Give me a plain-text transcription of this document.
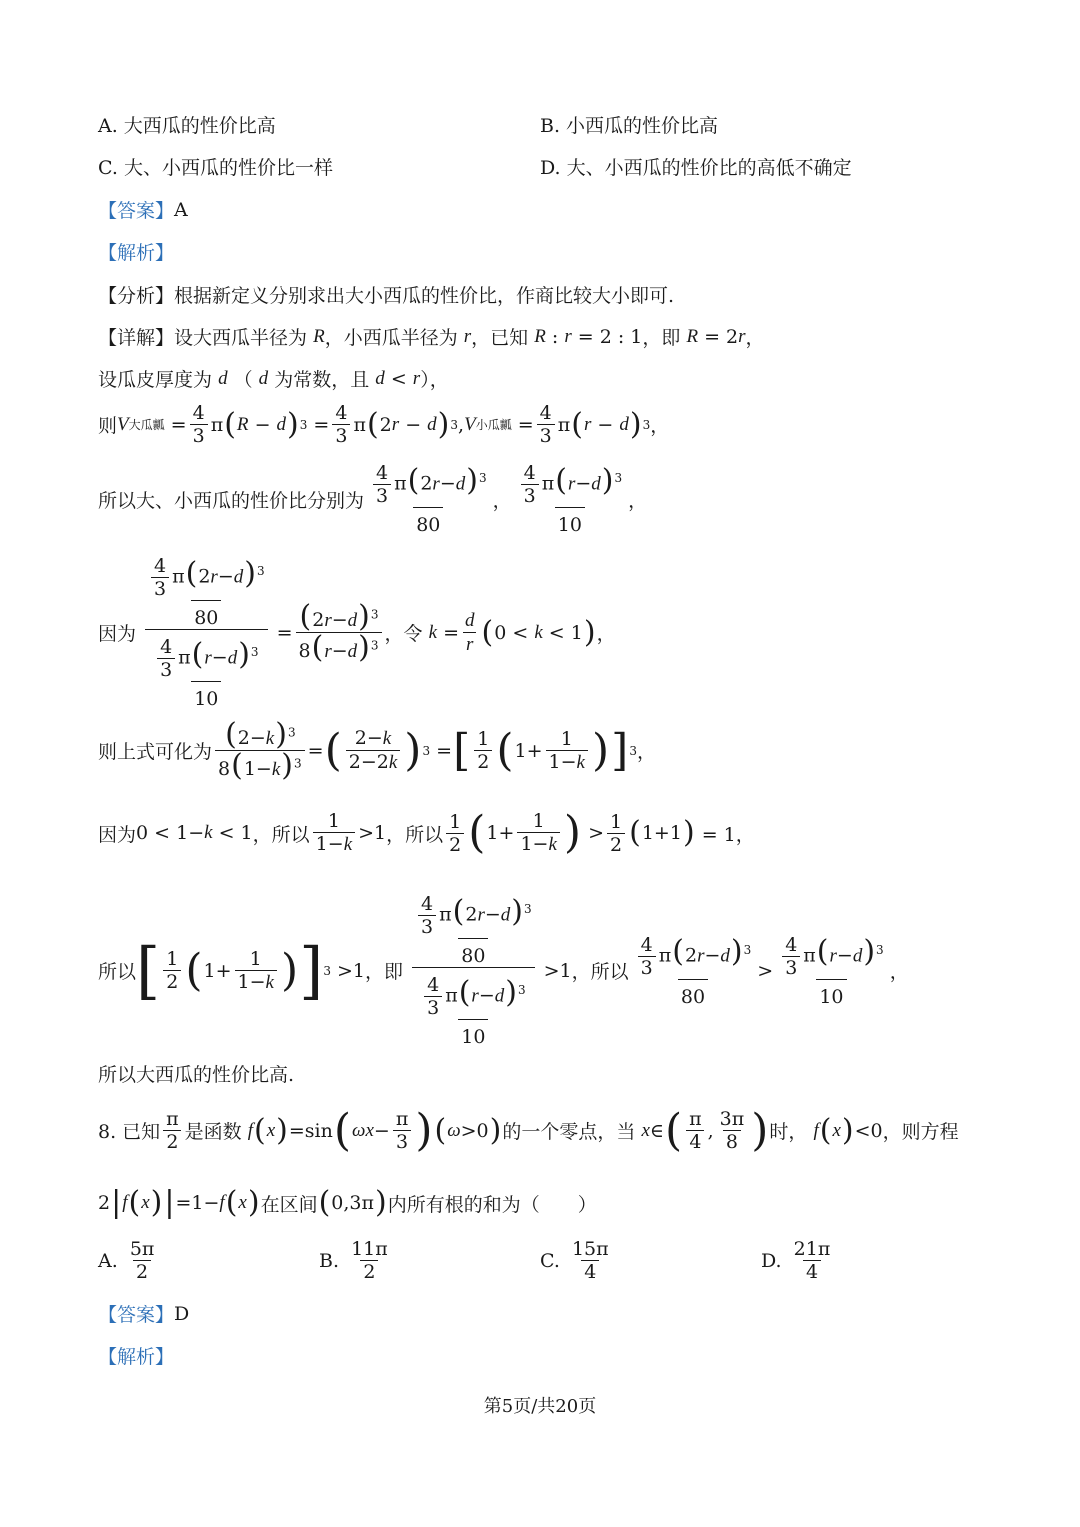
A. 大西瓜的性价比高	B. 小西瓜的性价比高
C. 大、小西瓜的性价比一样	D. 大、小西瓜的性价比的高低不确定
【答案】 A
【解析】
【分析】 根据新定义分别求出大小西瓜的性价比，作商比较大小即可.
【详解】 设大西瓜半径为
R ，小西瓜半径为
r ，已知
R : r = 2 : 1 ，即
R = 2 r ，
设瓜皮厚度为
d
（
d
为常数，且
d < r ），
则 V 大瓜瓤 = $\frac{4}{3}$ π ( R − d ) $3 = \frac{4}{3}$ π ( 2 r − d ) 3 , V 小瓜瓤 = $\frac{4}{3}$ π ( r − d ) 3 ，
所以大、小西瓜的性价比分别为 $\frac{\frac{4}{3} \pi(2r-d)^3}{80}$ ， $\frac{\frac{4}{3} \pi(r-d)^3}{10}$ ，
因为 $\frac{\frac{\frac{4}{3} \pi(2r-d)^3}{80}}{\frac{\frac{4}{3} \pi(r-d)^3}{10}} = \frac{(2r-d)^3}{8(r-d)^3}$ ，令
$k = \frac{d}{r}$ ( 0 < k < 1 ) ，
则上式可化为 $\frac{(2-k)^3}{8(1-k)^3}$ = ( $\frac{2-k}{2-2k}$ ) 3 = [ $\frac{1}{2}$ ( $1+ \frac{1}{1-k}$ ) ] 3 ，
因为 0 < 1− k < 1 ，所以 $\frac{1}{1-k} >1$ ，所以 $\frac{1}{2}$ ( $1+ \frac{1}{1-k}$ ) > $\frac{1}{2}$ ( 1+1 ) = 1，
所以 [ $\frac{1}{2}$ ( $1+ \frac{1}{1-k}$ ) ] 3 >1 ，即 $\frac{\frac{\frac{4}{3} \pi(2r-d)^3}{80}}{\frac{\frac{4}{3} \pi(r-d)^3}{10}} >1$ ，所以 $\frac{\frac{4}{3} \pi(2r-d)^3}{80} > \frac{\frac{4}{3} \pi(r-d)^3}{10}$ ，
所以大西瓜的性价比高.
8. 已知 $\frac{\pi}{2}$ 是函数
f ( x ) =sin ( $\omega x - \frac{\pi}{3}$ ) ( ω >0 ) 的一个零点，当
x ∈ ( $\frac{\pi}{4}$ , $\frac{3\pi}{8}$ ) 时，
f ( x ) <0 ，则方程
2 | f ( x ) | =1− f ( x ) 在区间 ( 0,3π ) 内所有根的和为（　　）
A.
$\frac{5\pi}{2}$	B.
$\frac{11\pi}{2}$	C.
$\frac{15\pi}{4}$	D.
$\frac{21\pi}{4}$
【答案】 D
【解析】
第5页/共20页
